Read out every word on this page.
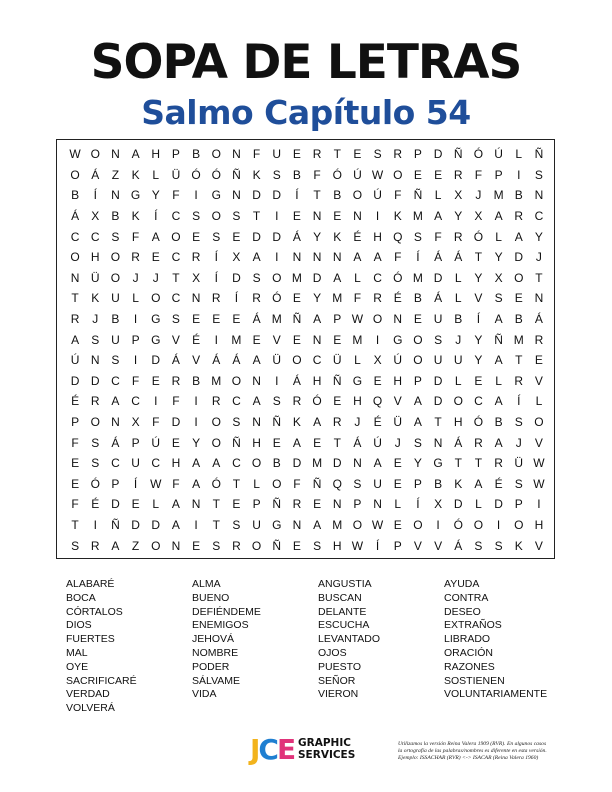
SOPA DE LETRAS
Salmo Capítulo 54
W O N A H P	B O N	F	U E R	T	E	S R P D Ñ Ó Ú	L	Ñ
O Á	Z	K	L	Ü Ó Ó Ñ K	S	B	F Ó Ú W O E	E R	F	P	I	S
B	Í	N G Y	F	I	G N D D	Í	T	B O Ú	F	Ñ	L	X	J	M B N
Á	X	B	K	Í	C S O S	T	I	E N E N	I	K M A	Y	X	A R C
C C S	F	A O E	S	E D D Á	Y	K	É H Q S	F	R Ó	L	A	Y
O H O R E C R	Í	X	A	I	N N N A	A	F	Í	Á	Á	T	Y D	J
N Ü O	J	J	T	X	Í	D S O M D A	L	C Ó M D	L	Y	X O T
T	K U	L	O C N R	Í	R Ó E	Y M F	R É	B	Á	L	V	S	E N
R	J	B	I	G S	E	E	E	Á M Ñ A	P W O N E U B	Í	A	B	Á
A	S U P G V	É	I	M E	V	E N E M	I	G O S	J	Y Ñ M R
Ú N S	I	D Á	V	Á	Á	A Ü O C Ü	L	X Ú O U U Y	A	T	E
D D C	F	E R B M O N	I	Á H Ñ G E H P D	L	E	L	R V
É R A C	I	F	I	R C A	S R Ó E H Q V	A D O C A	Í	L
P O N X	F	D	I	O S N Ñ K	A R	J	É Ü A	T	H Ó B	S O
F	S	Á	P Ú E	Y O Ñ H E	A	E	T	Á Ú	J	S N Á R A	J	V
E	S C U C H A	A C O B D M D N A	E	Y G T	T	R Ü W
E Ó P	Í	W F	A Ó T	L	O F	Ñ Q S U E	P	B	K	A	É	S W
F	É D E	L	A N	T	E	P Ñ R E N P N	L	Í	X D	L	D P	I
T	I	Ñ D D A	I	T	S U G N A M O W E O	I	Ó O	I	O H
S R A	Z O N E	S R O Ñ E	S H W	Í	P	V	V	Á	S	S	K	V
ALABARÉ
BOCA
CÓRTALOS
DIOS
FUERTES
MAL
OYE
SACRIFICARÉ
VERDAD
VOLVERÁ
ALMA
BUENO
DEFIÉNDEME
ENEMIGOS
JEHOVÁ
NOMBRE
PODER
SÁLVAME
VIDA
ANGUSTIA
BUSCAN
DELANTE
ESCUCHA
LEVANTADO
OJOS
PUESTO
SEÑOR
VIERON
AYUDA
CONTRA
DESEO
EXTRAÑOS
LIBRADO
ORACIÓN
RAZONES
SOSTIENEN
VOLUNTARIAMENTE
JCE GRAPHIC
SERVICES
Utilizamos la versión Reina Valera 1909 (RVR). En algunos casos
la ortografía de las palabras/nombres es diferente en esta versión.
Ejemplo: ISSACHAR (RVR) <-> ISACAR (Reina Valera 1960)
